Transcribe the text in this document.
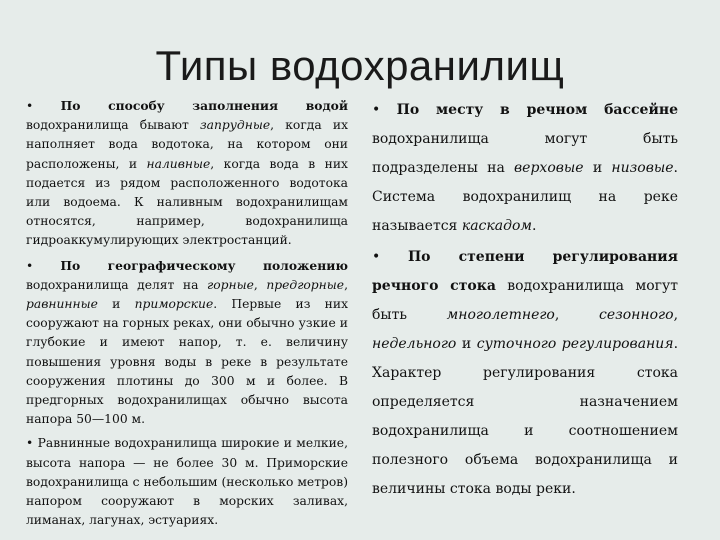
Типы водохранилищ

• По способу заполнения водой водохранилища бывают запрудные, когда их наполняет вода водотока, на котором они расположены, и наливные, когда вода в них подается из рядом расположенного водотока или водоема. К наливным водохранилищам относятся, например, водохранилища гидроаккумулирующих электростанций.

• По географическому положению водохранилища делят на горные, предгорные, равнинные и приморские. Первые из них сооружают на горных реках, они обычно узкие и глубокие и имеют напор, т. е. величину повышения уровня воды в реке в результате сооружения плотины до 300 м и более. В предгорных водохранилищах обычно высота напора 50—100 м.

• Равнинные водохранилища широкие и мелкие, высота напора — не более 30 м. Приморские водохранилища с небольшим (несколько метров) напором сооружают в морских заливах, лиманах, лагунах, эстуариях.

• По месту в речном бассейне водохранилища могут быть подразделены на верховые и низовые. Система водохранилищ на реке называется каскадом.

• По степени регулирования речного стока водохранилища могут быть многолетнего, сезонного, недельного и суточного регулирования. Характер регулирования стока определяется назначением водохранилища и соотношением полезного объема водохранилища и величины стока воды реки.
